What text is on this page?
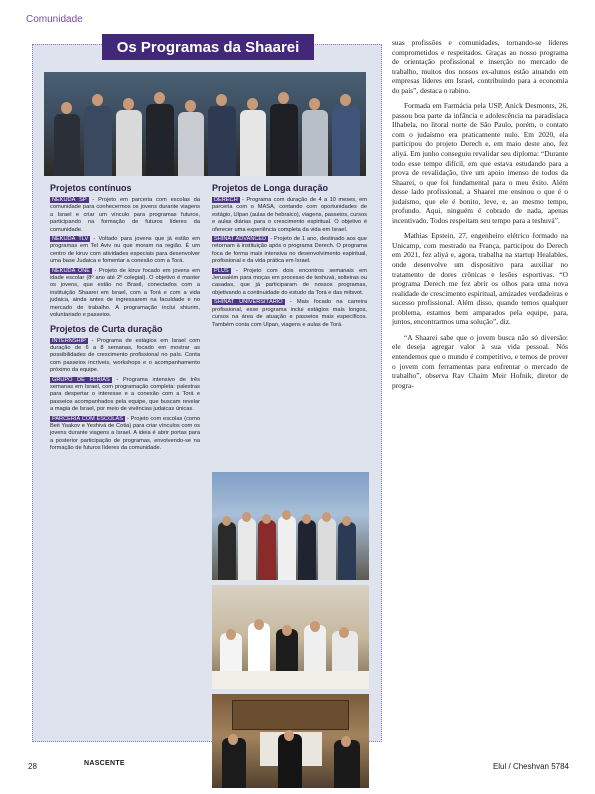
Comunidade
Os Programas da Shaarei
Projetos contínuos

NEKUDÁ SP - Projeto em parceria com escolas da comunidade para conhecermos os jovens durante viagens a Israel e criar um vínculo para programas futuros, participando na formação de futuros líderes da comunidade.

NEKUDÁ TLV - Voltado para jovens que já estão em programas em Tel Aviv ou que moram na região. É um centro de kiruv com atividades especiais para desenvolver uma base Judaica e fomentar a conexão com a Torá.

NEKUDÁ ONE - Projeto de kiruv focado em jovens em idade escolar (8º ano até 2º colegial). O objetivo é manter os jovens, que estão no Brasil, conectados com a instituição Shaarei em Israel, com a Torá e com a vida judaica, ainda antes de ingressarem na faculdade e no mercado de trabalho. A programação inclui shiurim, voluntariado e passeios.

Projetos de Curta duração

INTERNSHIP - Programa de estágios em Israel com duração de 6 a 8 semanas, focado em mostrar as possibilidades de crescimento profissional no país. Conta com passeios incríveis, workshops e o acompanhamento próximo da equipe.

GRUPO DE FÉRIAS - Programa intensivo de três semanas em Israel, com programação completa: palestras para despertar o interesse e a conexão com a Torá e passeios acompanhados pela equipe, que buscam revelar a magia de Israel, por meio de vivências judaicas únicas.

PARCERIA COM ESCOLAS - Projeto com escolas (como Beit Yaakov e Yeshivá de Cotia) para criar vínculos com os jovens durante viagens a Israel. A ideia é abrir portas para a posterior participação de programas, envolvendo-se na formação de futuros líderes da comunidade.

Projetos de Longa duração

DERECH - Programa com duração de 4 a 10 meses, em parceria com o MASA, contando com oportunidades de estágio, Ulpan (aulas de hebraico), viagens, passeios, cursos e aulas diárias para o crescimento espiritual. O objetivo é oferecer uma experiência completa da vida em Israel.

SHINAT ADVANCED - Projeto de 1 ano, destinado aos que retornam à instituição após o programa Derech. O programa foca de forma mais intensiva no desenvolvimento espiritual, profissional e da vida prática em Israel.

PLUS - Projeto com dois encontros semanais em Jerusalém para moças em processo de teshuvá, solteiras ou casadas, que já participaram de nossos programas, objetivando a continuidade do estudo da Torá e das mitsvot.

SHINAT UNIVERSITÁRIO - Mais focado na carreira profissional, esse programa inclui estágios mais longos, cursos na área de atuação e passeios mais específicos. Também conta com Ulpan, viagens e aulas de Torá.

suas profissões e comunidades, tornando-se líderes comprometidos e respeitados. Graças ao nosso programa de orientação profissional e inserção no mercado de trabalho, muitos dos nossos ex-alunos estão atuando em empresas líderes em Israel, contribuindo para a economia do país”, destaca o rabino.

Formada em Farmácia pela USP, Anick Desmonts, 26, passou boa parte da infância e adolescência na paradisíaca Ilhabela, no litoral norte de São Paulo, porém, o contato com o judaísmo era praticamente nulo. Em 2020, ela participou do projeto Derech e, em maio deste ano, fez aliyá. Em junho conseguiu revalidar seu diploma: “Durante todo esse tempo difícil, em que estava estudando para a prova de revalidação, tive um apoio imenso de todos da Shaarei, o que foi fundamental para o meu êxito. Além desse lado profissional, a Shaarei me ensinou o que é o judaísmo, que ele é bonito, leve, e, ao mesmo tempo, profundo. Aqui, ninguém é cobrado de nada, apenas incentivado. Todos respeitam seu tempo para a teshuvá”.

Mathias Epstein, 27, engenheiro elétrico formado na Unicamp, com mestrado na França, participou do Derech em 2021, fez aliyá e, agora, trabalha na startup Healables, onde desenvolve um dispositivo para auxiliar no tratamento de dores crônicas e lesões esportivas. “O programa Derech me fez abrir os olhos para uma nova realidade de crescimento espiritual, amizades verdadeiras e sucesso profissional. Além disso, quando temos qualquer problema, estamos bem amparados pela equipe, para, juntos, encontrarmos uma solução”, diz.

“A Shaarei sabe que o jovem busca não só diversão: ele deseja agregar valor à sua vida pessoal. Nós entendemos que o mundo é competitivo, e temos de prover o jovem com ferramentas para enfrentar o mercado de trabalho”, observa Rav Chaim Meir Hofnik, diretor de progra-

28	NASCENTE	Elul / Cheshvan 5784
